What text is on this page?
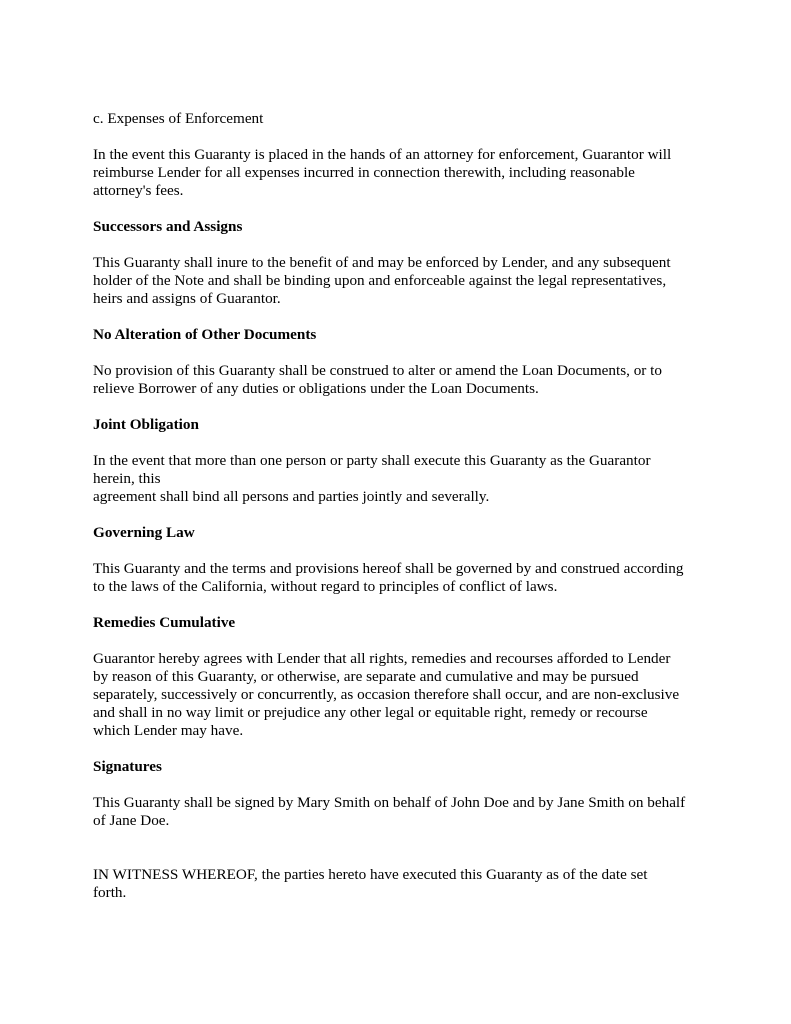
c. Expenses of Enforcement

In the event this Guaranty is placed in the hands of an attorney for enforcement, Guarantor will
reimburse Lender for all expenses incurred in connection therewith, including reasonable
attorney's fees.

Successors and Assigns

This Guaranty shall inure to the benefit of and may be enforced by Lender, and any subsequent
holder of the Note and shall be binding upon and enforceable against the legal representatives,
heirs and assigns of Guarantor.

No Alteration of Other Documents

No provision of this Guaranty shall be construed to alter or amend the Loan Documents, or to
relieve Borrower of any duties or obligations under the Loan Documents.

Joint Obligation

In the event that more than one person or party shall execute this Guaranty as the Guarantor
herein, this
agreement shall bind all persons and parties jointly and severally.

Governing Law

This Guaranty and the terms and provisions hereof shall be governed by and construed according
to the laws of the California, without regard to principles of conflict of laws.

Remedies Cumulative

Guarantor hereby agrees with Lender that all rights, remedies and recourses afforded to Lender
by reason of this Guaranty, or otherwise, are separate and cumulative and may be pursued
separately, successively or concurrently, as occasion therefore shall occur, and are non-exclusive
and shall in no way limit or prejudice any other legal or equitable right, remedy or recourse
which Lender may have.

Signatures

This Guaranty shall be signed by Mary Smith on behalf of John Doe and by Jane Smith on behalf
of Jane Doe.

IN WITNESS WHEREOF, the parties hereto have executed this Guaranty as of the date set
forth.
